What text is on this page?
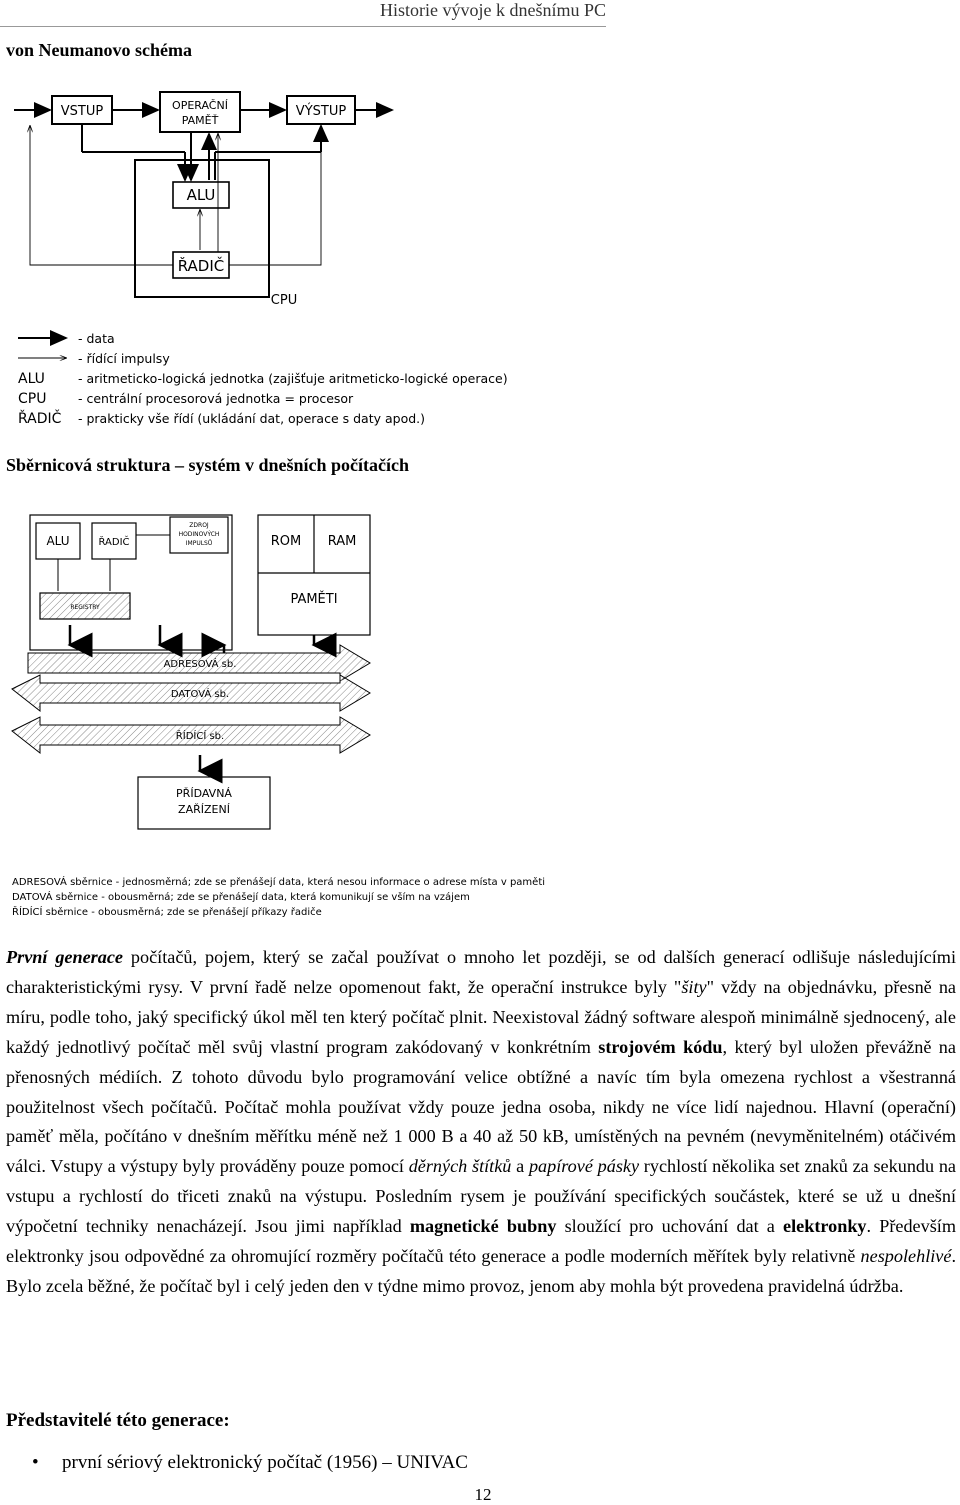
Historie vývoje k dnešnímu PC
von Neumanovo schéma
VSTUP	OPERAČNÍ
PAMĚŤ
VÝSTUP
ALU
ŘADIČ
CPU
- data
- řídící impulsy
ALU	- aritmeticko-logická jednotka (zajišťuje aritmeticko-logické operace)
CPU	- centrální procesorová jednotka = procesor
ŘADIČ - prakticky vše řídí (ukládání dat, operace s daty apod.)
Sběrnicová struktura – systém v dnešních počítačích
ALU	ŘADIČ
ZDROJ
HODINOVÝCH
IMPULSŮ
REGISTRY
ROM RAM
PAMĚTI
ADRESOVÁ sb.
DATOVÁ sb.
ŘÍDÍCÍ sb.
PŘÍDAVNÁ
ZAŘÍZENÍ
ADRESOVÁ sběrnice - jednosměrná; zde se přenášejí data, která nesou informace o adrese místa v paměti
DATOVÁ sběrnice - obousměrná; zde se přenášejí data, která komunikují se vším na vzájem
ŘÍDÍCÍ sběrnice - obousměrná; zde se přenášejí příkazy řadiče

První generace počítačů, pojem, který se začal používat o mnoho let později, se od dalších generací odlišuje následujícími charakteristickými rysy. V první řadě nelze opomenout fakt, že operační instrukce byly "šity" vždy na objednávku, přesně na míru, podle toho, jaký specifický úkol měl ten který počítač plnit. Neexistoval žádný software alespoň minimálně sjednocený, ale každý jednotlivý počítač měl svůj vlastní program zakódovaný v konkrétním strojovém kódu, který byl uložen převážně na přenosných médiích. Z tohoto důvodu bylo programování velice obtížné a navíc tím byla omezena rychlost a všestranná použitelnost všech počítačů. Počítač mohla používat vždy pouze jedna osoba, nikdy ne více lidí najednou. Hlavní (operační) paměť měla, počítáno v dnešním měřítku méně než 1 000 B a 40 až 50 kB, umístěných na pevném (nevyměnitelném) otáčivém válci. Vstupy a výstupy byly prováděny pouze pomocí děrných štítků a papírové pásky rychlostí několika set znaků za sekundu na vstupu a rychlostí do třiceti znaků na výstupu. Posledním rysem je používání specifických součástek, které se už u dnešní výpočetní techniky nenacházejí. Jsou jimi například magnetické bubny sloužící pro uchování dat a elektronky. Především elektronky jsou odpovědné za ohromující rozměry počítačů této generace a podle moderních měřítek byly relativně nespolehlivé. Bylo zcela běžné, že počítač byl i celý jeden den v týdne mimo provoz, jenom aby mohla být provedena pravidelná údržba.

Představitelé této generace:
• první sériový elektronický počítač (1956) – UNIVAC
12
